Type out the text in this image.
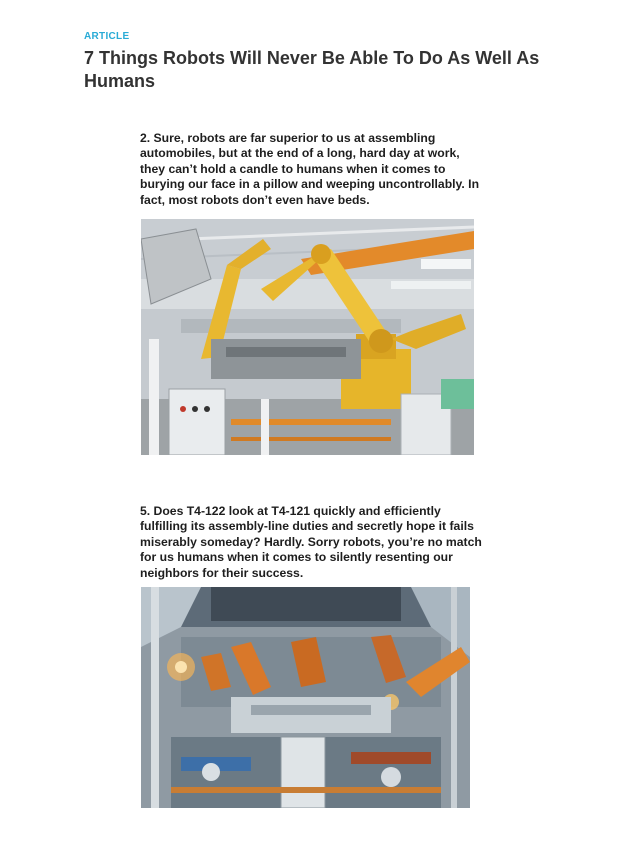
ARTICLE
7 Things Robots Will Never Be Able To Do As Well As Humans

2. Sure, robots are far superior to us at assembling automobiles, but at the end of a long, hard day at work, they can’t hold a candle to humans when it comes to burying our face in a pillow and weeping uncontrollably. In fact, most robots don’t even have beds.

5. Does T4-122 look at T4-121 quickly and efficiently fulfilling its assembly-line duties and secretly hope it fails miserably someday? Hardly. Sorry robots, you’re no match for us humans when it comes to silently resenting our neighbors for their success.
